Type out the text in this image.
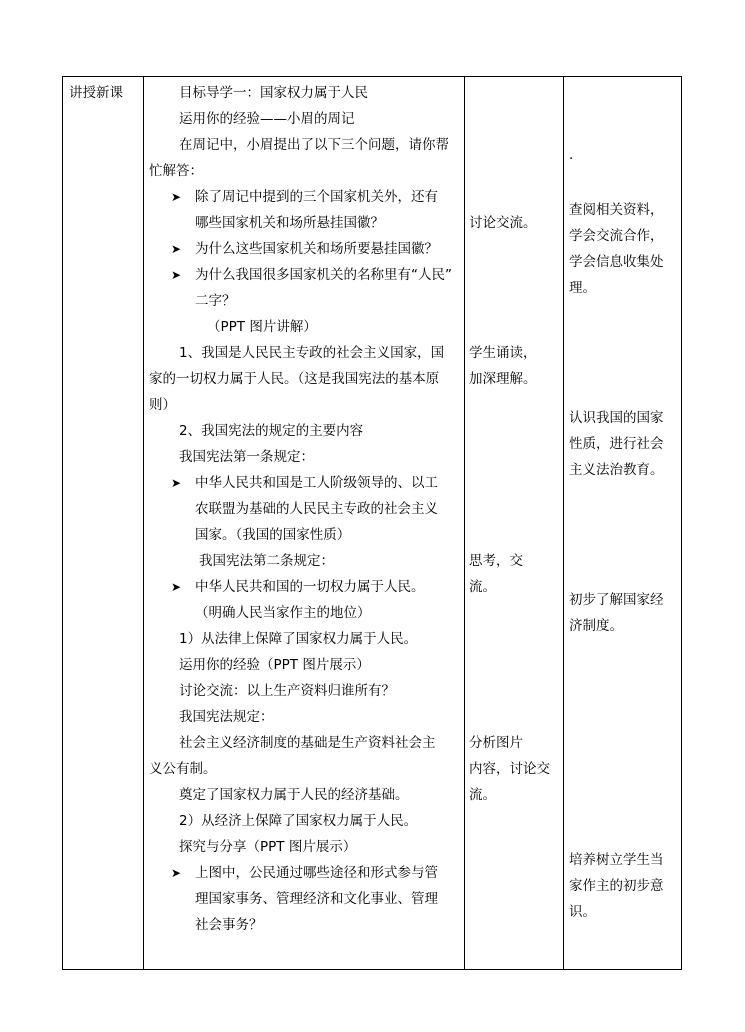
讲授新课	目标导学一：国家权力属于人民
运用你的经验——小眉的周记
在周记中，小眉提出了以下三个问题，请你帮
忙解答：
➤ 除了周记中提到的三个国家机关外，还有
哪些国家机关和场所悬挂国徽？
➤ 为什么这些国家机关和场所要悬挂国徽？
➤ 为什么我国很多国家机关的名称里有“人民”
二字？
（PPT 图片讲解）
1、我国是人民民主专政的社会主义国家，国
家的一切权力属于人民。（这是我国宪法的基本原
则）
2、我国宪法的规定的主要内容
我国宪法第一条规定：
➤ 中华人民共和国是工人阶级领导的、以工
农联盟为基础的人民民主专政的社会主义
国家。（我国的国家性质）
我国宪法第二条规定：
➤ 中华人民共和国的一切权力属于人民。
（明确人民当家作主的地位）
1）从法律上保障了国家权力属于人民。
运用你的经验（PPT 图片展示）
讨论交流：以上生产资料归谁所有？
我国宪法规定：
社会主义经济制度的基础是生产资料社会主
义公有制。
奠定了国家权力属于人民的经济基础。
2）从经济上保障了国家权力属于人民。
探究与分享（PPT 图片展示）
➤ 上图中，公民通过哪些途径和形式参与管
理国家事务、管理经济和文化事业、管理
社会事务？
讨论交流。
学生诵读，
加深理解。
思考，交
流。
分析图片
内容，讨论交
流。
.
查阅相关资料，
学会交流合作，
学会信息收集处
理。
认识我国的国家
性质，进行社会
主义法治教育。
初步了解国家经
济制度。
培养树立学生当
家作主的初步意
识。
